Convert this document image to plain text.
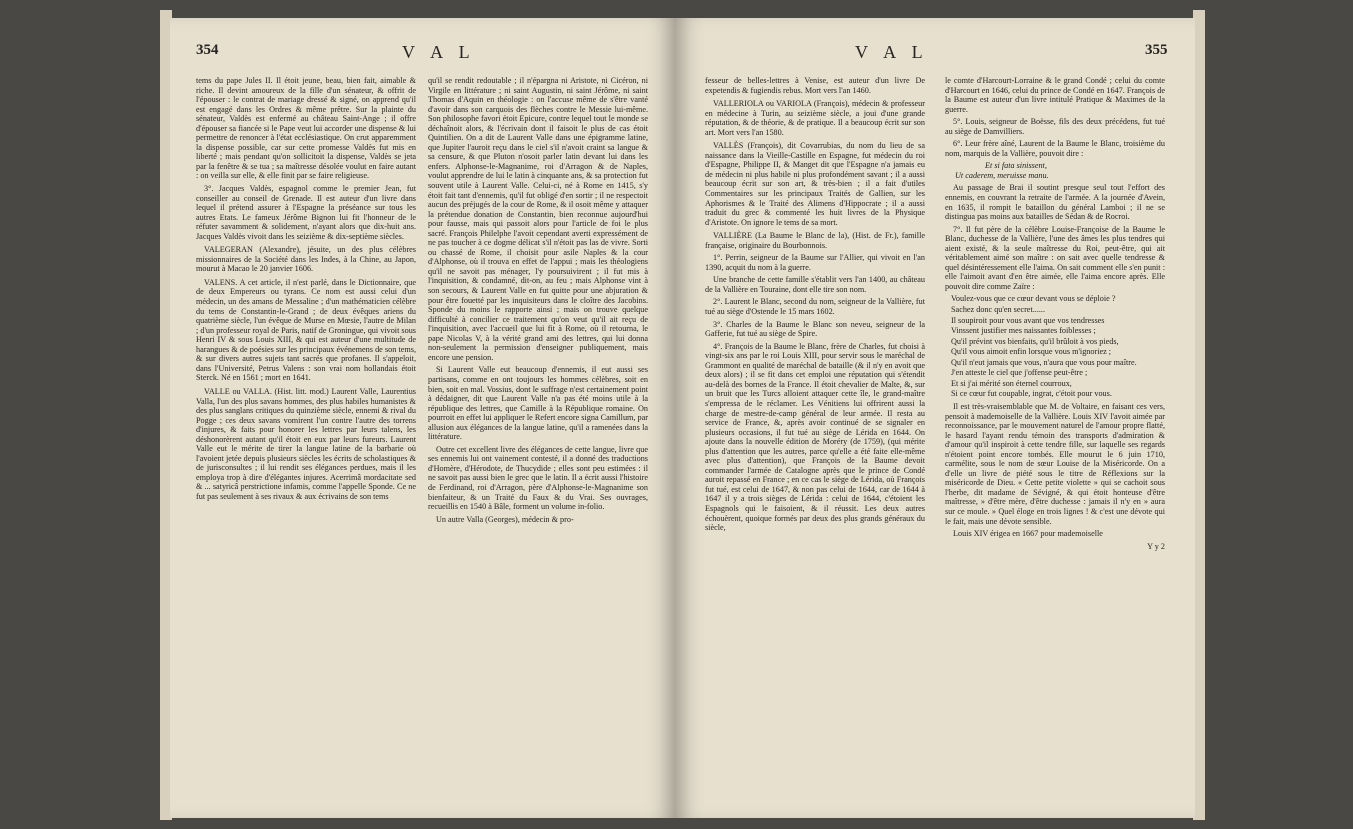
354	V A L

tems du pape Jules II. Il étoit jeune, beau, bien fait, aimable & riche. Il devint amoureux de la fille d'un sénateur, & offrit de l'épouser : le contrat de mariage dressé & signé, on apprend qu'il est engagé dans les Ordres & même prêtre. Sur la plainte du sénateur, Valdès est enfermé au château Saint-Ange ; il offre d'épouser sa fiancée si le Pape veut lui accorder une dispense & lui permettre de renoncer à l'état ecclésiastique. On crut apparemment la dispense possible, car sur cette promesse Valdès fut mis en liberté ; mais pendant qu'on sollicitoit la dispense, Valdès se jeta par la fenêtre & se tua ; sa maîtresse désolée voulut en faire autant : on veilla sur elle, & elle finit par se faire religieuse.

3°. Jacques Valdès, espagnol comme le premier Jean, fut conseiller au conseil de Grenade. Il est auteur d'un livre dans lequel il prétend assurer à l'Espagne la préséance sur tous les autres Etats. Le fameux Jérôme Bignon lui fit l'honneur de le réfuter savamment & solidement, n'ayant alors que dix-huit ans. Jacques Valdès vivoit dans les seizième & dix-septième siècles.

VALEGERAN (Alexandre), jésuite, un des plus célèbres missionnaires de la Société dans les Indes, à la Chine, au Japon, mourut à Macao le 20 janvier 1606.

VALENS. A cet article, il n'est parlé, dans le Dictionnaire, que de deux Empereurs ou tyrans. Ce nom est aussi celui d'un médecin, un des amans de Messaline ; d'un mathématicien célèbre du tems de Constantin-le-Grand ; de deux évêques ariens du quatrième siècle, l'un évêque de Murse en Mœsie, l'autre de Milan ; d'un professeur royal de Paris, natif de Groningue, qui vivoit sous Henri IV & sous Louis XIII, & qui est auteur d'une multitude de harangues & de poésies sur les principaux événemens de son tems, & sur divers autres sujets tant sacrés que profanes. Il s'appeloit, dans l'Université, Petrus Valens : son vrai nom hollandais étoit Sterck. Né en 1561 ; mort en 1641.

VALLE ou VALLA. (Hist. litt. mod.) Laurent Valle, Laurentius Valla, l'un des plus savans hommes, des plus habiles humanistes & des plus sanglans critiques du quinzième siècle, ennemi & rival du Pogge ; ces deux savans vomirent l'un contre l'autre des torrens d'injures, & faits pour honorer les lettres par leurs talens, les déshonorèrent autant qu'il étoit en eux par leurs fureurs. Laurent Valle eut le mérite de tirer la langue latine de la barbarie où l'avoient jetée depuis plusieurs siècles les écrits de scholastiques & de jurisconsultes ; il lui rendit ses élégances perdues, mais il les employa trop à dire d'élégantes injures. Acerrimâ mordacitate sed & ... satyricâ perstrictione infamis, comme l'appelle Sponde. Ce ne fut pas seulement à ses rivaux & aux écrivains de son tems

qu'il se rendit redoutable ; il n'épargna ni Aristote, ni Cicéron, ni Virgile en littérature ; ni saint Augustin, ni saint Jérôme, ni saint Thomas d'Aquin en théologie : on l'accuse même de s'être vanté d'avoir dans son carquois des flèches contre le Messie lui-même. Son philosophe favori étoit Epicure, contre lequel tout le monde se déchaînoit alors, & l'écrivain dont il faisoit le plus de cas étoit Quintilien. On a dit de Laurent Valle dans une épigramme latine, que Jupiter l'auroit reçu dans le ciel s'il n'avoit craint sa langue & sa censure, & que Pluton n'osoit parler latin devant lui dans les enfers. Alphonse-le-Magnanime, roi d'Arragon & de Naples, voulut apprendre de lui le latin à cinquante ans, & sa protection fut souvent utile à Laurent Valle. Celui-ci, né à Rome en 1415, s'y étoit fait tant d'ennemis, qu'il fut obligé d'en sortir ; il ne respectoit aucun des préjugés de la cour de Rome, & il osoit même y attaquer la prétendue donation de Constantin, bien reconnue aujourd'hui pour fausse, mais qui passoit alors pour l'article de foi le plus sacré. François Philelphe l'avoit cependant averti expressément de ne pas toucher à ce dogme délicat s'il n'étoit pas las de vivre. Sorti ou chassé de Rome, il choisit pour asile Naples & la cour d'Alphonse, où il trouva en effet de l'appui ; mais les théologiens qu'il ne savoit pas ménager, l'y poursuivirent ; il fut mis à l'inquisition, & condamné, dit-on, au feu ; mais Alphonse vint à son secours, & Laurent Valle en fut quitte pour une abjuration & pour être fouetté par les inquisiteurs dans le cloître des Jacobins. Sponde du moins le rapporte ainsi ; mais on trouve quelque difficulté à concilier ce traitement qu'on veut qu'il ait reçu de l'inquisition, avec l'accueil que lui fit à Rome, où il retourna, le pape Nicolas V, à la vérité grand ami des lettres, qui lui donna non-seulement la permission d'enseigner publiquement, mais encore une pension.

Si Laurent Valle eut beaucoup d'ennemis, il eut aussi ses partisans, comme en ont toujours les hommes célèbres, soit en bien, soit en mal. Vossius, dont le suffrage n'est certainement point à dédaigner, dit que Laurent Valle n'a pas été moins utile à la république des lettres, que Camille à la République romaine. On pourroit en effet lui appliquer le Refert encore signa Camillum, par allusion aux élégances de la langue latine, qu'il a ramenées dans la littérature.

Outre cet excellent livre des élégances de cette langue, livre que ses ennemis lui ont vainement contesté, il a donné des traductions d'Homère, d'Hérodote, de Thucydide ; elles sont peu estimées : il ne savoit pas aussi bien le grec que le latin. Il a écrit aussi l'histoire de Ferdinand, roi d'Arragon, père d'Alphonse-le-Magnanime son bienfaiteur, & un Traité du Faux & du Vrai. Ses ouvrages, recueillis en 1540 à Bâle, forment un volume in-folio.

Un autre Valla (Georges), médecin & pro-

V A L	355

fesseur de belles-lettres à Venise, est auteur d'un livre De expetendis & fugiendis rebus. Mort vers l'an 1460.

VALLERIOLA ou VARIOLA (François), médecin & professeur en médecine à Turin, au seizième siècle, a joui d'une grande réputation, & de théorie, & de pratique. Il a beaucoup écrit sur son art. Mort vers l'an 1580.

VALLÈS (François), dit Covarrubias, du nom du lieu de sa naissance dans la Vieille-Castille en Espagne, fut médecin du roi d'Espagne, Philippe II, & Manget dit que l'Espagne n'a jamais eu de médecin ni plus habile ni plus profondément savant ; il a aussi beaucoup écrit sur son art, & très-bien ; il a fait d'utiles Commentaires sur les principaux Traités de Gallien, sur les Aphorismes & le Traité des Alimens d'Hippocrate ; il a aussi traduit du grec & commenté les huit livres de la Physique d'Aristote. On ignore le tems de sa mort.

VALLIÈRE (La Baume le Blanc de la), (Hist. de Fr.), famille française, originaire du Bourbonnois.

1°. Perrin, seigneur de la Baume sur l'Allier, qui vivoit en l'an 1390, acquit du nom à la guerre.

Une branche de cette famille s'établit vers l'an 1400, au château de la Vallière en Touraine, dont elle tire son nom.

2°. Laurent le Blanc, second du nom, seigneur de la Vallière, fut tué au siège d'Ostende le 15 mars 1602.

3°. Charles de la Baume le Blanc son neveu, seigneur de la Gafferie, fut tué au siège de Spire.

4°. François de la Baume le Blanc, frère de Charles, fut choisi à vingt-six ans par le roi Louis XIII, pour servir sous le maréchal de Grammont en qualité de maréchal de bataille (& il n'y en avoit que deux alors) ; il se fit dans cet emploi une réputation qui s'étendit au-delà des bornes de la France. Il étoit chevalier de Malte, &, sur un bruit que les Turcs alloient attaquer cette île, le grand-maître s'empressa de le réclamer. Les Vénitiens lui offrirent aussi la charge de mestre-de-camp général de leur armée. Il resta au service de France, &, après avoir continué de se signaler en plusieurs occasions, il fut tué au siège de Lérida en 1644. On ajoute dans la nouvelle édition de Moréry (de 1759), (qui mérite plus d'attention que les autres, parce qu'elle a été faite elle-même avec plus d'attention), que François de la Baume devoit commander l'armée de Catalogne après que le prince de Condé auroit repassé en France ; en ce cas le siège de Lérida, où François fut tué, est celui de 1647, & non pas celui de 1644, car de 1644 à 1647 il y a trois sièges de Lérida : celui de 1644, c'étoient les Espagnols qui le faisoient, & il réussit. Les deux autres échouèrent, quoique formés par deux des plus grands généraux du siècle,

le comte d'Harcourt-Lorraine & le grand Condé ; celui du comte d'Harcourt en 1646, celui du prince de Condé en 1647. François de la Baume est auteur d'un livre intitulé Pratique & Maximes de la guerre.

5°. Louis, seigneur de Boësse, fils des deux précédens, fut tué au siège de Damvilliers.

6°. Leur frère aîné, Laurent de la Baume le Blanc, troisième du nom, marquis de la Vallière, pouvoit dire :

Et si fata sinissent,
Ut caderem, meruisse manu.

Au passage de Brai il soutint presque seul tout l'effort des ennemis, en couvrant la retraite de l'armée. A la journée d'Avein, en 1635, il rompit le bataillon du général Lamboi ; il ne se distingua pas moins aux batailles de Sédan & de Rocroi.

7°. Il fut père de la célèbre Louise-Françoise de la Baume le Blanc, duchesse de la Vallière, l'une des âmes les plus tendres qui aient existé, & la seule maîtresse du Roi, peut-être, qui ait véritablement aimé son maître : on sait avec quelle tendresse & quel désintéressement elle l'aima. On sait comment elle s'en punit : elle l'aimoit avant d'en être aimée, elle l'aima encore après. Elle pouvoit dire comme Zaïre :

Voulez-vous que ce cœur devant vous se déploie ?
Sachez donc qu'en secret......
Il soupiroit pour vous avant que vos tendresses
Vinssent justifier mes naissantes foiblesses ;
Qu'il prévint vos bienfaits, qu'il brûloit à vos pieds,
Qu'il vous aimoit enfin lorsque vous m'ignoriez ;
Qu'il n'eut jamais que vous, n'aura que vous pour maître.
J'en atteste le ciel que j'offense peut-être ;
Et si j'ai mérité son éternel courroux,
Si ce cœur fut coupable, ingrat, c'étoit pour vous.

Il est très-vraisemblable que M. de Voltaire, en faisant ces vers, pensoit à mademoiselle de la Vallière. Louis XIV l'avoit aimée par reconnoissance, par le mouvement naturel de l'amour propre flatté, le hasard l'ayant rendu témoin des transports d'admiration & d'amour qu'il inspiroit à cette tendre fille, sur laquelle ses regards n'étoient point encore tombés. Elle mourut le 6 juin 1710, carmélite, sous le nom de sœur Louise de la Miséricorde. On a d'elle un livre de piété sous le titre de Réflexions sur la miséricorde de Dieu. « Cette petite violette » qui se cachoit sous l'herbe, dit madame de Sévigné, & qui étoit honteuse d'être maîtresse, » d'être mère, d'être duchesse : jamais il n'y en » aura sur ce moule. » Quel éloge en trois lignes ! & c'est une dévote qui le fait, mais une dévote sensible.

Louis XIV érigea en 1667 pour mademoiselle

Y y 2
